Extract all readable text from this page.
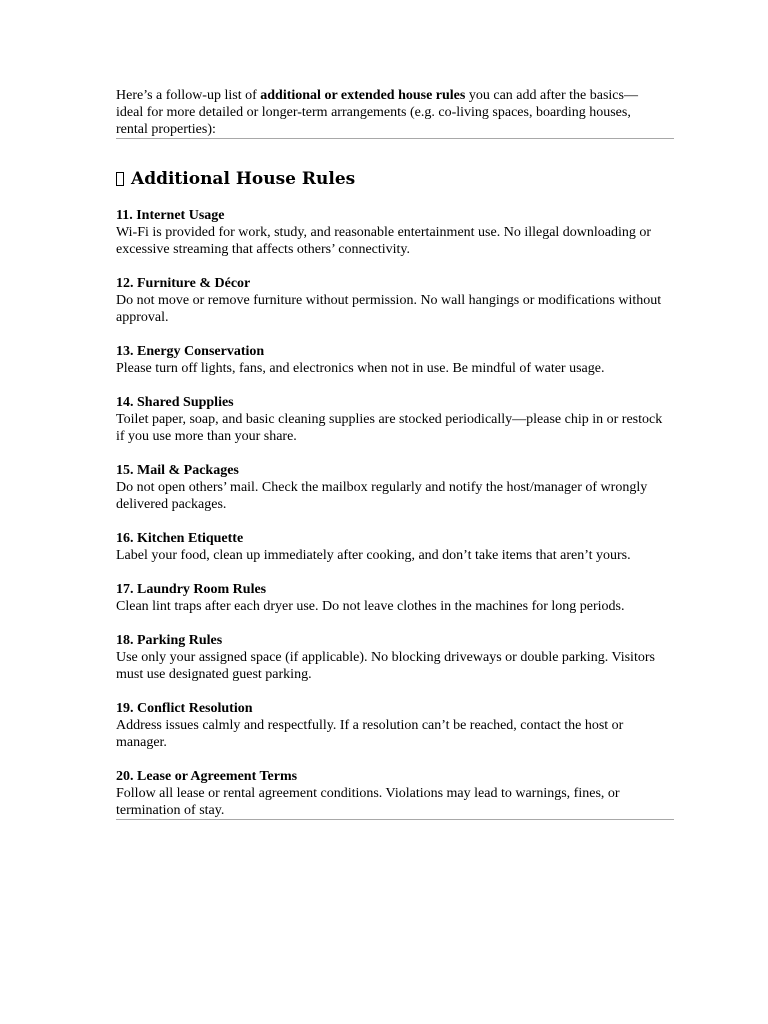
Here’s a follow-up list of additional or extended house rules you can add after the basics—ideal for more detailed or longer-term arrangements (e.g. co-living spaces, boarding houses, rental properties):

Additional House Rules
11. Internet Usage
Wi-Fi is provided for work, study, and reasonable entertainment use. No illegal downloading or excessive streaming that affects others’ connectivity.
12. Furniture & Décor
Do not move or remove furniture without permission. No wall hangings or modifications without approval.
13. Energy Conservation
Please turn off lights, fans, and electronics when not in use. Be mindful of water usage.
14. Shared Supplies
Toilet paper, soap, and basic cleaning supplies are stocked periodically—please chip in or restock if you use more than your share.
15. Mail & Packages
Do not open others’ mail. Check the mailbox regularly and notify the host/manager of wrongly delivered packages.
16. Kitchen Etiquette
Label your food, clean up immediately after cooking, and don’t take items that aren’t yours.
17. Laundry Room Rules
Clean lint traps after each dryer use. Do not leave clothes in the machines for long periods.
18. Parking Rules
Use only your assigned space (if applicable). No blocking driveways or double parking. Visitors must use designated guest parking.
19. Conflict Resolution
Address issues calmly and respectfully. If a resolution can’t be reached, contact the host or manager.
20. Lease or Agreement Terms
Follow all lease or rental agreement conditions. Violations may lead to warnings, fines, or termination of stay.
